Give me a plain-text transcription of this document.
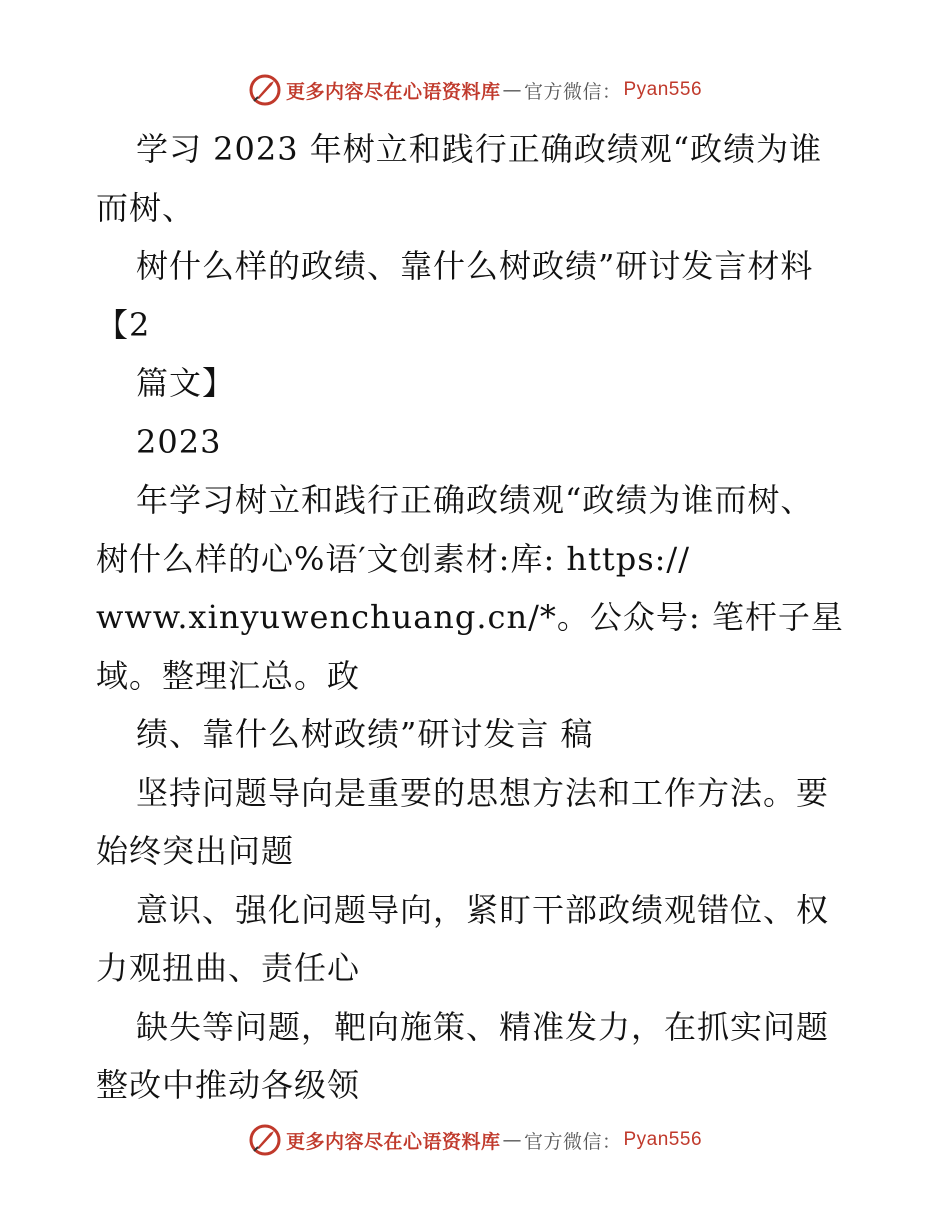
更多内容尽在心语资料库 — 官方微信： Pyan556
学习 2023 年树立和践行正确政绩观“政绩为谁
而树、
树什么样的政绩、靠什么树政绩”研讨发言材料
【2
篇文】
2023
年学习树立和践行正确政绩观“政绩为谁而树、
树什么样的心%语′文创素材:库: https://
www.xinyuwenchuang.cn/*。公众号: 笔杆子星
域。整理汇总。政
绩、靠什么树政绩”研讨发言 稿
坚持问题导向是重要的思想方法和工作方法。要
始终突出问题
意识、强化问题导向，紧盯干部政绩观错位、权
力观扭曲、责任心
缺失等问题，靶向施策、精准发力，在抓实问题
整改中推动各级领
更多内容尽在心语资料库 — 官方微信： Pyan556
